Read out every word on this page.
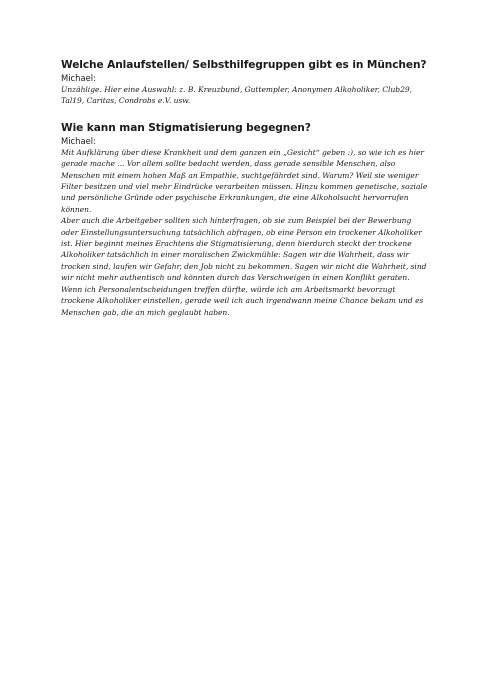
Welche Anlaufstellen/ Selbsthilfegruppen gibt es in München?

Michael:

Unzählige. Hier eine Auswahl: z. B. Kreuzbund, Guttempler, Anonymen Alkoholiker, Club29,
Tal19, Caritas, Condrobs e.V. usw.

Wie kann man Stigmatisierung begegnen?

Michael:

Mit Aufklärung über diese Krankheit und dem ganzen ein „Gesicht“ geben :), so wie ich es hier
gerade mache ... Vor allem sollte bedacht werden, dass gerade sensible Menschen, also
Menschen mit einem hohen Maß an Empathie, suchtgefährdet sind. Warum? Weil sie weniger
Filter besitzen und viel mehr Eindrücke verarbeiten müssen. Hinzu kommen genetische, soziale
und persönliche Gründe oder psychische Erkrankungen, die eine Alkoholsucht hervorrufen
können.
Aber auch die Arbeitgeber sollten sich hinterfragen, ob sie zum Beispiel bei der Bewerbung
oder Einstellungsuntersuchung tatsächlich abfragen, ob eine Person ein trockener Alkoholiker
ist. Hier beginnt meines Erachtens die Stigmatisierung, denn hierdurch steckt der trockene
Alkoholiker tatsächlich in einer moralischen Zwickmühle: Sagen wir die Wahrheit, dass wir
trocken sind, laufen wir Gefahr, den Job nicht zu bekommen. Sagen wir nicht die Wahrheit, sind
wir nicht mehr authentisch und könnten durch das Verschweigen in einen Konflikt geraten.
Wenn ich Personalentscheidungen treffen dürfte, würde ich am Arbeitsmarkt bevorzugt
trockene Alkoholiker einstellen, gerade weil ich auch irgendwann meine Chance bekam und es
Menschen gab, die an mich geglaubt haben.
